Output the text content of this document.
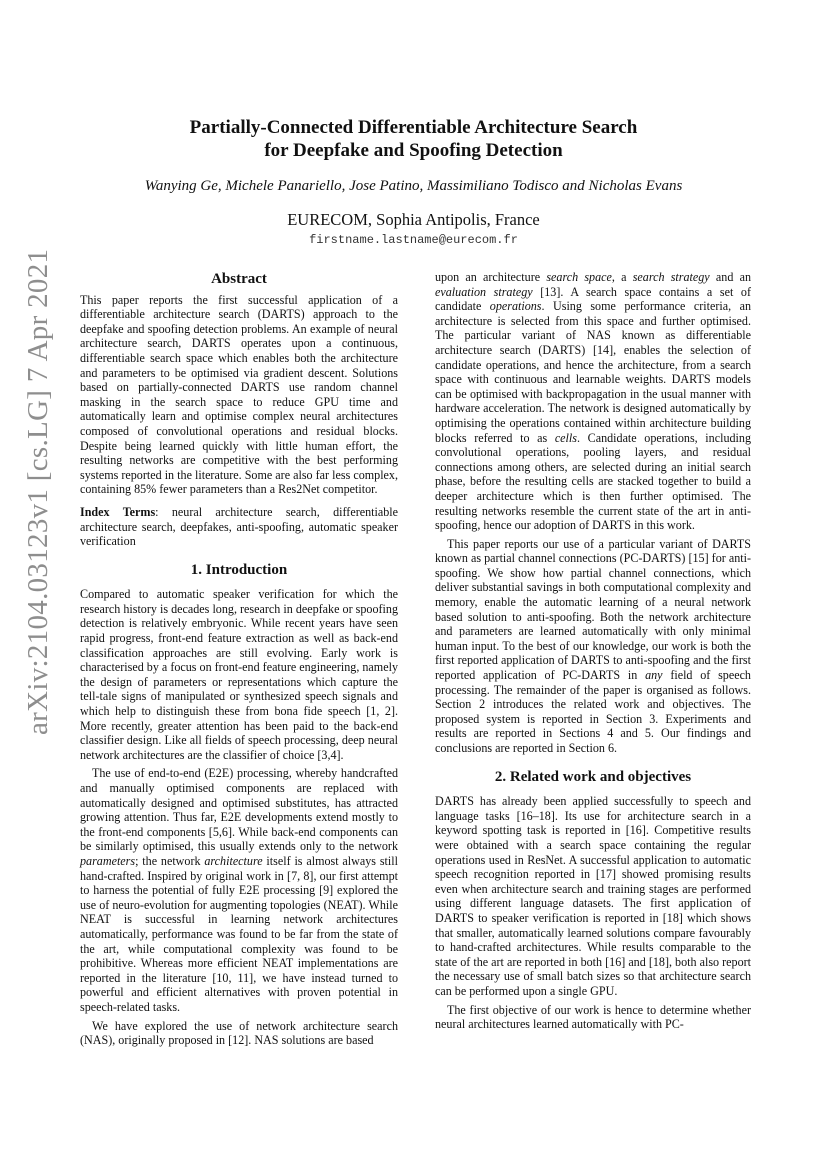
arXiv:2104.03123v1 [cs.LG] 7 Apr 2021
Partially-Connected Differentiable Architecture Search
for Deepfake and Spoofing Detection
Wanying Ge, Michele Panariello, Jose Patino, Massimiliano Todisco and Nicholas Evans
EURECOM, Sophia Antipolis, France
firstname.lastname@eurecom.fr
Abstract

This paper reports the first successful application of a differentiable architecture search (DARTS) approach to the deepfake and spoofing detection problems. An example of neural architecture search, DARTS operates upon a continuous, differentiable search space which enables both the architecture and parameters to be optimised via gradient descent. Solutions based on partially-connected DARTS use random channel masking in the search space to reduce GPU time and automatically learn and optimise complex neural architectures composed of convolutional operations and residual blocks. Despite being learned quickly with little human effort, the resulting networks are competitive with the best performing systems reported in the literature. Some are also far less complex, containing 85% fewer parameters than a Res2Net competitor.

Index Terms: neural architecture search, differentiable architecture search, deepfakes, anti-spoofing, automatic speaker verification

1. Introduction

Compared to automatic speaker verification for which the research history is decades long, research in deepfake or spoofing detection is relatively embryonic. While recent years have seen rapid progress, front-end feature extraction as well as back-end classification approaches are still evolving. Early work is characterised by a focus on front-end feature engineering, namely the design of parameters or representations which capture the tell-tale signs of manipulated or synthesized speech signals and which help to distinguish these from bona fide speech [1, 2]. More recently, greater attention has been paid to the back-end classifier design. Like all fields of speech processing, deep neural network architectures are the classifier of choice [3,4].

The use of end-to-end (E2E) processing, whereby handcrafted and manually optimised components are replaced with automatically designed and optimised substitutes, has attracted growing attention. Thus far, E2E developments extend mostly to the front-end components [5,6]. While back-end components can be similarly optimised, this usually extends only to the network parameters; the network architecture itself is almost always still hand-crafted. Inspired by original work in [7, 8], our first attempt to harness the potential of fully E2E processing [9] explored the use of neuro-evolution for augmenting topologies (NEAT). While NEAT is successful in learning network architectures automatically, performance was found to be far from the state of the art, while computational complexity was found to be prohibitive. Whereas more efficient NEAT implementations are reported in the literature [10, 11], we have instead turned to powerful and efficient alternatives with proven potential in speech-related tasks.

We have explored the use of network architecture search (NAS), originally proposed in [12]. NAS solutions are based

upon an architecture search space, a search strategy and an evaluation strategy [13]. A search space contains a set of candidate operations. Using some performance criteria, an architecture is selected from this space and further optimised. The particular variant of NAS known as differentiable architecture search (DARTS) [14], enables the selection of candidate operations, and hence the architecture, from a search space with continuous and learnable weights. DARTS models can be optimised with backpropagation in the usual manner with hardware acceleration. The network is designed automatically by optimising the operations contained within architecture building blocks referred to as cells. Candidate operations, including convolutional operations, pooling layers, and residual connections among others, are selected during an initial search phase, before the resulting cells are stacked together to build a deeper architecture which is then further optimised. The resulting networks resemble the current state of the art in anti-spoofing, hence our adoption of DARTS in this work.

This paper reports our use of a particular variant of DARTS known as partial channel connections (PC-DARTS) [15] for anti-spoofing. We show how partial channel connections, which deliver substantial savings in both computational complexity and memory, enable the automatic learning of a neural network based solution to anti-spoofing. Both the network architecture and parameters are learned automatically with only minimal human input. To the best of our knowledge, our work is both the first reported application of DARTS to anti-spoofing and the first reported application of PC-DARTS in any field of speech processing. The remainder of the paper is organised as follows. Section 2 introduces the related work and objectives. The proposed system is reported in Section 3. Experiments and results are reported in Sections 4 and 5. Our findings and conclusions are reported in Section 6.

2. Related work and objectives

DARTS has already been applied successfully to speech and language tasks [16–18]. Its use for architecture search in a keyword spotting task is reported in [16]. Competitive results were obtained with a search space containing the regular operations used in ResNet. A successful application to automatic speech recognition reported in [17] showed promising results even when architecture search and training stages are performed using different language datasets. The first application of DARTS to speaker verification is reported in [18] which shows that smaller, automatically learned solutions compare favourably to hand-crafted architectures. While results comparable to the state of the art are reported in both [16] and [18], both also report the necessary use of small batch sizes so that architecture search can be performed upon a single GPU.

The first objective of our work is hence to determine whether neural architectures learned automatically with PC-
